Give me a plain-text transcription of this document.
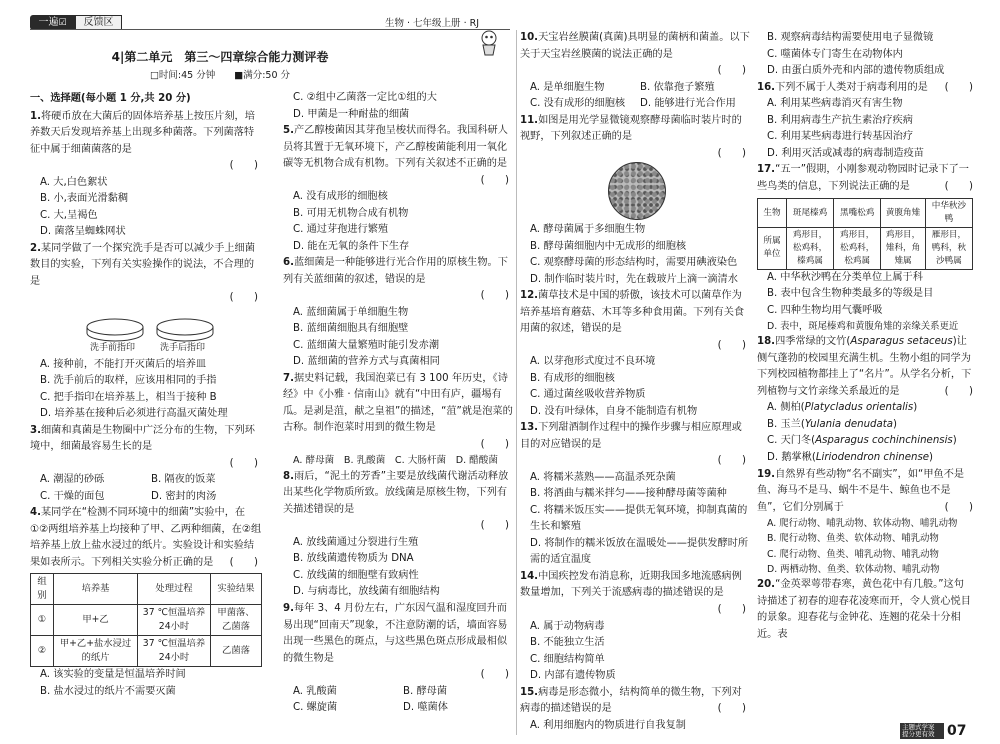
一遍☑	反馈区	生物 · 七年级上册 · RJ
4|第二单元　第三～四章综合能力测评卷
□时间:45 分钟　　 ■满分:50 分
一、选择题(每小题 1 分,共 20 分)
1.将硬币放在大菌后的固体培养基上按压片刻，培养数天后发现培养基上出现多种菌落。下列菌落特征中属于细菌菌落的是
(　　)
A. 大,白色絮状
B. 小,表面光滑黏稠
C. 大,呈褐色
D. 菌落呈蜘蛛网状
2.某同学做了一个探究洗手是否可以减少手上细菌数目的实验，下列有关实验操作的说法，不合理的是
(　　)
洗手前指印	洗手后指印
A. 接种前，不能打开灭菌后的培养皿
B. 洗手前后的取样，应该用相同的手指
C. 把手指印在培养基上，相当于接种 B
D. 培养基在接种后必须进行高温灭菌处理
3.细菌和真菌是生物圈中广泛分布的生物，下列环境中，细菌最容易生长的是
(　　)
A. 潮湿的砂砾	B. 隔夜的饭菜
C. 干燥的面包	D. 密封的肉汤
4.某同学在“检测不同环境中的细菌”实验中，在①②两组培养基上均接种了甲、乙两种细菌，在②组培养基上放上盐水浸过的纸片。实验设计和实验结果如表所示。下列相关实验分析正确的是 (　　)
组别	培养基	处理过程	实验结果
①	甲+乙	37 ℃恒温培养24小时	甲菌落、乙菌落
②	甲+乙+盐水浸过的纸片	37 ℃恒温培养24小时	乙菌落
A. 该实验的变量是恒温培养时间
B. 盐水浸过的纸片不需要灭菌
C. ②组中乙菌落一定比①组的大
D. 甲菌是一种耐盐的细菌
5.产乙醇梭菌因其芽孢呈梭状而得名。我国科研人员将其置于无氧环境下，产乙醇梭菌能利用一氧化碳等无机物合成有机物。下列有关叙述不正确的是
(　　)
A. 没有成形的细胞核
B. 可用无机物合成有机物
C. 通过芽孢进行繁殖
D. 能在无氧的条件下生存
6.蓝细菌是一种能够进行光合作用的原核生物。下列有关蓝细菌的叙述，错误的是
(　　)
A. 蓝细菌属于单细胞生物
B. 蓝细菌细胞具有细胞壁
C. 蓝细菌大量繁殖时能引发赤潮
D. 蓝细菌的营养方式与真菌相同
7.据史料记载，我国泡菜已有 3 100 年历史，《诗经》中《小雅 · 信南山》就有“中田有庐，疆埸有瓜。是剥是菹，献之皇祖”的描述，“菹”就是泡菜的古称。制作泡菜时用到的微生物是
(　　)
A. 酵母菌　B. 乳酸菌　C. 大肠杆菌　D. 醋酸菌
8.雨后，“泥土的芳香”主要是放线菌代谢活动释放出某些化学物质所致。放线菌是原核生物，下列有关描述错误的是
(　　)
A. 放线菌通过分裂进行生殖
B. 放线菌遗传物质为 DNA
C. 放线菌的细胞壁有致病性
D. 与病毒比，放线菌有细胞结构
9.每年 3、4 月份左右，广东因气温和湿度回升而易出现“回南天”现象，不注意防潮的话，墙面容易出现一些黑色的斑点，与这些黑色斑点形成最相似的微生物是
(　　)
A. 乳酸菌	B. 酵母菌
C. 螺旋菌	D. 噬菌体
10.天宝岩丝膜菌(真菌)具明显的菌柄和菌盖。以下关于天宝岩丝膜菌的说法正确的是
(　　)
A. 是单细胞生物	B. 依靠孢子繁殖
C. 没有成形的细胞核	D. 能够进行光合作用
11.如图是用光学显微镜观察酵母菌临时装片时的视野，下列叙述正确的是
(　　)
A. 酵母菌属于多细胞生物
B. 酵母菌细胞内中无成形的细胞核
C. 观察酵母菌的形态结构时，需要用碘液染色
D. 制作临时装片时，先在载玻片上滴一滴清水
12.菌草技术是中国的骄傲，该技术可以菌草作为培养基培育蘑菇、木耳等多种食用菌。下列有关食用菌的叙述，错误的是
(　　)
A. 以芽孢形式度过不良环境
B. 有成形的细胞核
C. 通过菌丝吸收营养物质
D. 没有叶绿体，自身不能制造有机物
13.下列甜酒制作过程中的操作步骤与相应原理或目的对应错误的是
(　　)
A. 将糯米蒸熟——高温杀死杂菌
B. 将酒曲与糯米拌匀——接种酵母菌等菌种
C. 将糯米饭压实——提供无氧环境，抑制真菌的生长和繁殖
D. 将制作的糯米饭放在温暖处——提供发酵时所需的适宜温度
14.中国疾控发布消息称，近期我国多地流感病例数量增加，下列关于流感病毒的描述错误的是
(　　)
A. 属于动物病毒
B. 不能独立生活
C. 细胞结构简单
D. 内部有遗传物质
15.病毒是形态微小，结构简单的微生物，下列对病毒的描述错误的是	(　　)
A. 利用细胞内的物质进行自我复制
B. 观察病毒结构需要使用电子显微镜
C. 噬菌体专门寄生在动物体内
D. 由蛋白质外壳和内部的遗传物质组成
16.下列不属于人类对于病毒利用的是 (　　)
A. 利用某些病毒消灭有害生物
B. 利用病毒生产抗生素治疗疾病
C. 利用某些病毒进行转基因治疗
D. 利用灭活或减毒的病毒制造疫苗
17.“五一”假期，小刚参观动物园时记录下了一些鸟类的信息，下列说法正确的是	(　　)
生物	斑尾榛鸡	黑嘴松鸡	黄腹角雉	中华秋沙鸭
所属单位	鸡形目，松鸡科，榛鸡属	鸡形目，松鸡科，松鸡属	鸡形目，雉科，角雉属	雁形目，鸭科，秋沙鸭属
A. 中华秋沙鸭在分类单位上属于科
B. 表中包含生物种类最多的等级是目
C. 四种生物均用气囊呼吸
D. 表中，斑尾榛鸡和黄腹角雉的亲缘关系更近
18.四季常绿的文竹(Asparagus setaceus)让侧气蓬勃的校园里充满生机。生物小组的同学为下列校园植物都挂上了“名片”。从学名分析，下列植物与文竹亲缘关系最近的是	(　　)
A. 侧柏(Platycladus orientalis)
B. 玉兰(Yulania denudata)
C. 天门冬(Asparagus cochinchinensis)
D. 鹅掌楸(Liriodendron chinense)
19.自然界有些动物“名不副实”，如“甲鱼不是鱼、海马不是马、蜗牛不是牛、鲸鱼也不是鱼”，它们分别属于	(　　)
A. 爬行动物、哺乳动物、软体动物、哺乳动物
B. 爬行动物、鱼类、软体动物、哺乳动物
C. 爬行动物、鱼类、哺乳动物、哺乳动物
D. 两栖动物、鱼类、软体动物、哺乳动物
20.“金英翠萼带春寒，黄色花中有几般。”这句诗描述了初春的迎春花凌寒而开，令人赏心悦目的景象。迎春花与金钟花、连翘的花朵十分相近。表
主题式学案 提分更有效 07
